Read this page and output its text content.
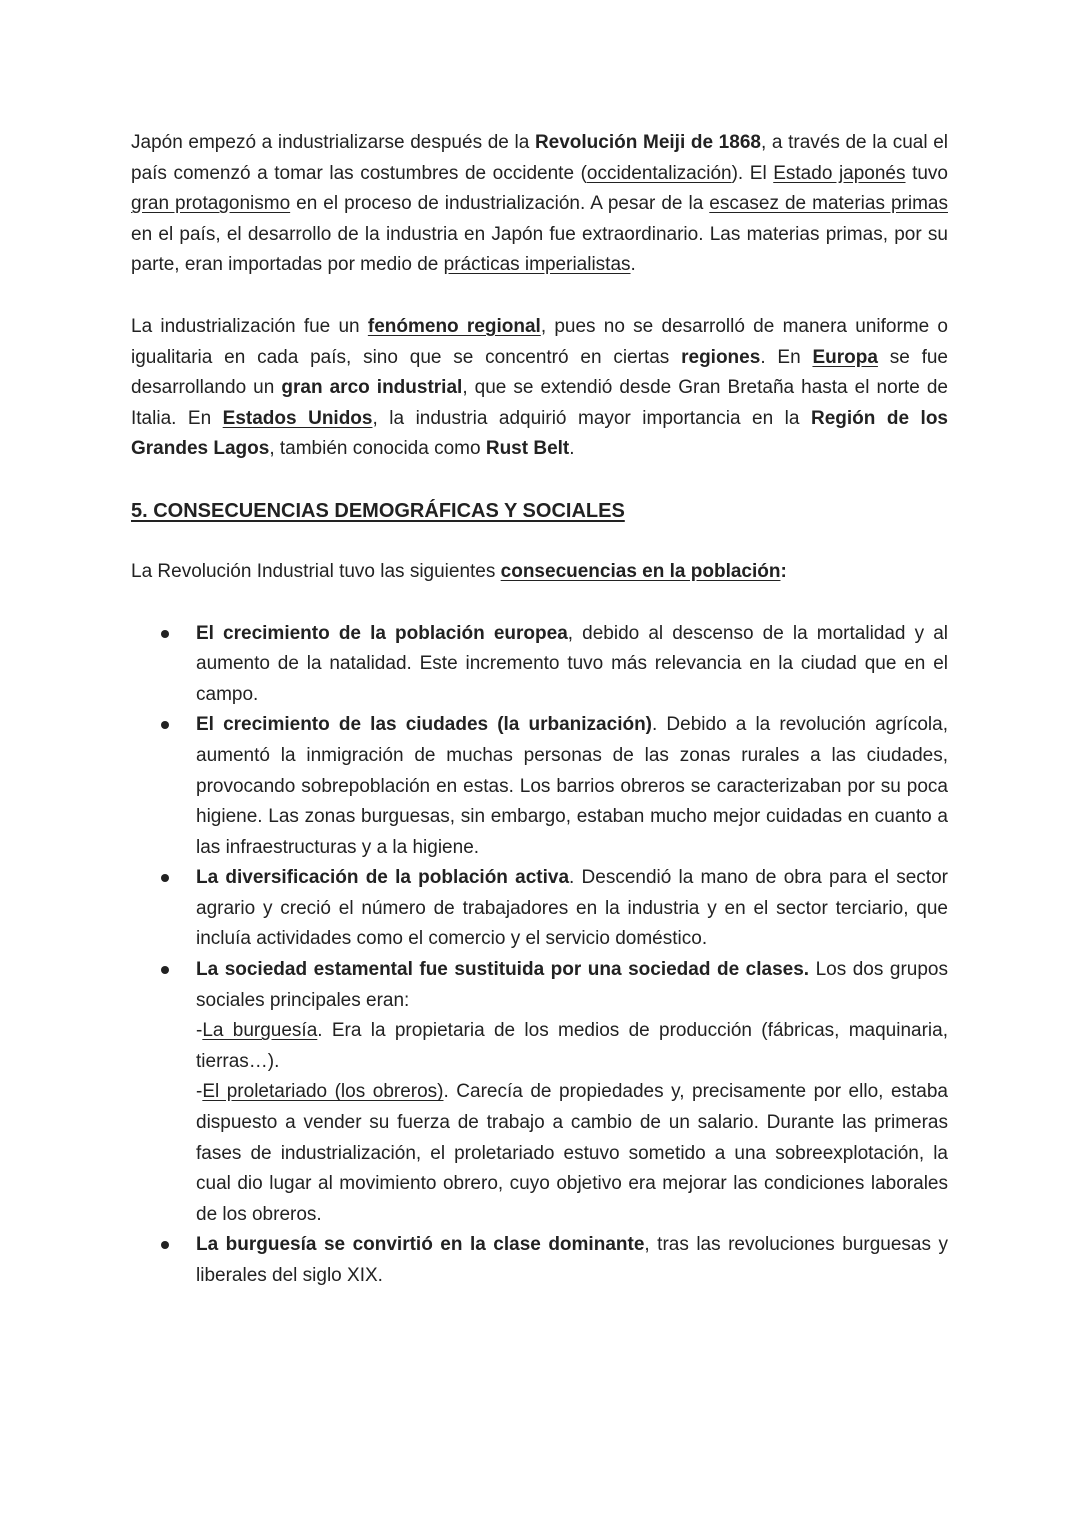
Japón empezó a industrializarse después de la Revolución Meiji de 1868, a través de la cual el país comenzó a tomar las costumbres de occidente (occidentalización). El Estado japonés tuvo gran protagonismo en el proceso de industrialización. A pesar de la escasez de materias primas en el país, el desarrollo de la industria en Japón fue extraordinario. Las materias primas, por su parte, eran importadas por medio de prácticas imperialistas.

La industrialización fue un fenómeno regional, pues no se desarrolló de manera uniforme o igualitaria en cada país, sino que se concentró en ciertas regiones. En Europa se fue desarrollando un gran arco industrial, que se extendió desde Gran Bretaña hasta el norte de Italia. En Estados Unidos, la industria adquirió mayor importancia en la Región de los Grandes Lagos, también conocida como Rust Belt.

5. CONSECUENCIAS DEMOGRÁFICAS Y SOCIALES

La Revolución Industrial tuvo las siguientes consecuencias en la población:

El crecimiento de la población europea, debido al descenso de la mortalidad y al aumento de la natalidad. Este incremento tuvo más relevancia en la ciudad que en el campo.
El crecimiento de las ciudades (la urbanización). Debido a la revolución agrícola, aumentó la inmigración de muchas personas de las zonas rurales a las ciudades, provocando sobrepoblación en estas. Los barrios obreros se caracterizaban por su poca higiene. Las zonas burguesas, sin embargo, estaban mucho mejor cuidadas en cuanto a las infraestructuras y a la higiene.
La diversificación de la población activa. Descendió la mano de obra para el sector agrario y creció el número de trabajadores en la industria y en el sector terciario, que incluía actividades como el comercio y el servicio doméstico.
La sociedad estamental fue sustituida por una sociedad de clases. Los dos grupos sociales principales eran:
-La burguesía. Era la propietaria de los medios de producción (fábricas, maquinaria, tierras…).
-El proletariado (los obreros). Carecía de propiedades y, precisamente por ello, estaba dispuesto a vender su fuerza de trabajo a cambio de un salario. Durante las primeras fases de industrialización, el proletariado estuvo sometido a una sobreexplotación, la cual dio lugar al movimiento obrero, cuyo objetivo era mejorar las condiciones laborales de los obreros.
La burguesía se convirtió en la clase dominante, tras las revoluciones burguesas y liberales del siglo XIX.
